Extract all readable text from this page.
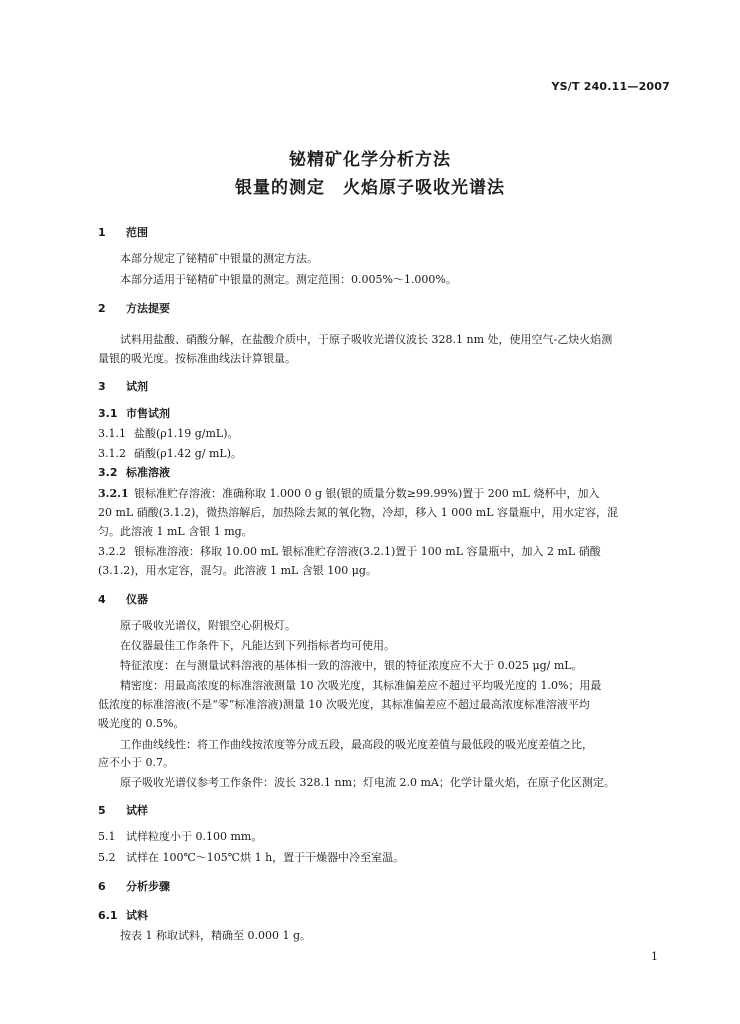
YS/T 240.11—2007
铋精矿化学分析方法
银量的测定 火焰原子吸收光谱法
1 范围
本部分规定了铋精矿中银量的测定方法。
本部分适用于铋精矿中银量的测定。测定范围：0.005%～1.000%。
2 方法提要
试料用盐酸、硝酸分解，在盐酸介质中，于原子吸收光谱仪波长 328.1 nm 处，使用空气-乙炔火焰测
量银的吸光度。按标准曲线法计算银量。
3 试剂
3.1 市售试剂
3.1.1 盐酸(ρ1.19 g/mL)。
3.1.2 硝酸(ρ1.42 g/ mL)。
3.2 标准溶液
3.2.1 银标准贮存溶液：准确称取 1.000 0 g 银(银的质量分数≥99.99%)置于 200 mL 烧杯中，加入
20 mL 硝酸(3.1.2)，微热溶解后，加热除去氮的氧化物，冷却，移入 1 000 mL 容量瓶中，用水定容，混
匀。此溶液 1 mL 含银 1 mg。
3.2.2 银标准溶液：移取 10.00 mL 银标准贮存溶液(3.2.1)置于 100 mL 容量瓶中，加入 2 mL 硝酸
(3.1.2)，用水定容，混匀。此溶液 1 mL 含银 100 μg。
4 仪器
原子吸收光谱仪，附银空心阴极灯。
在仪器最佳工作条件下，凡能达到下列指标者均可使用。
特征浓度：在与测量试料溶液的基体相一致的溶液中，银的特征浓度应不大于 0.025 μg/ mL。
精密度：用最高浓度的标准溶液测量 10 次吸光度，其标准偏差应不超过平均吸光度的 1.0%；用最
低浓度的标准溶液(不是“零”标准溶液)测量 10 次吸光度，其标准偏差应不超过最高浓度标准溶液平均
吸光度的 0.5%。
工作曲线线性：将工作曲线按浓度等分成五段，最高段的吸光度差值与最低段的吸光度差值之比，
应不小于 0.7。
原子吸收光谱仪参考工作条件：波长 328.1 nm；灯电流 2.0 mA；化学计量火焰，在原子化区测定。
5 试样
5.1 试样粒度小于 0.100 mm。
5.2 试样在 100℃～105℃烘 1 h，置于干燥器中冷至室温。
6 分析步骤
6.1 试料
按表 1 称取试料，精确至 0.000 1 g。
1
